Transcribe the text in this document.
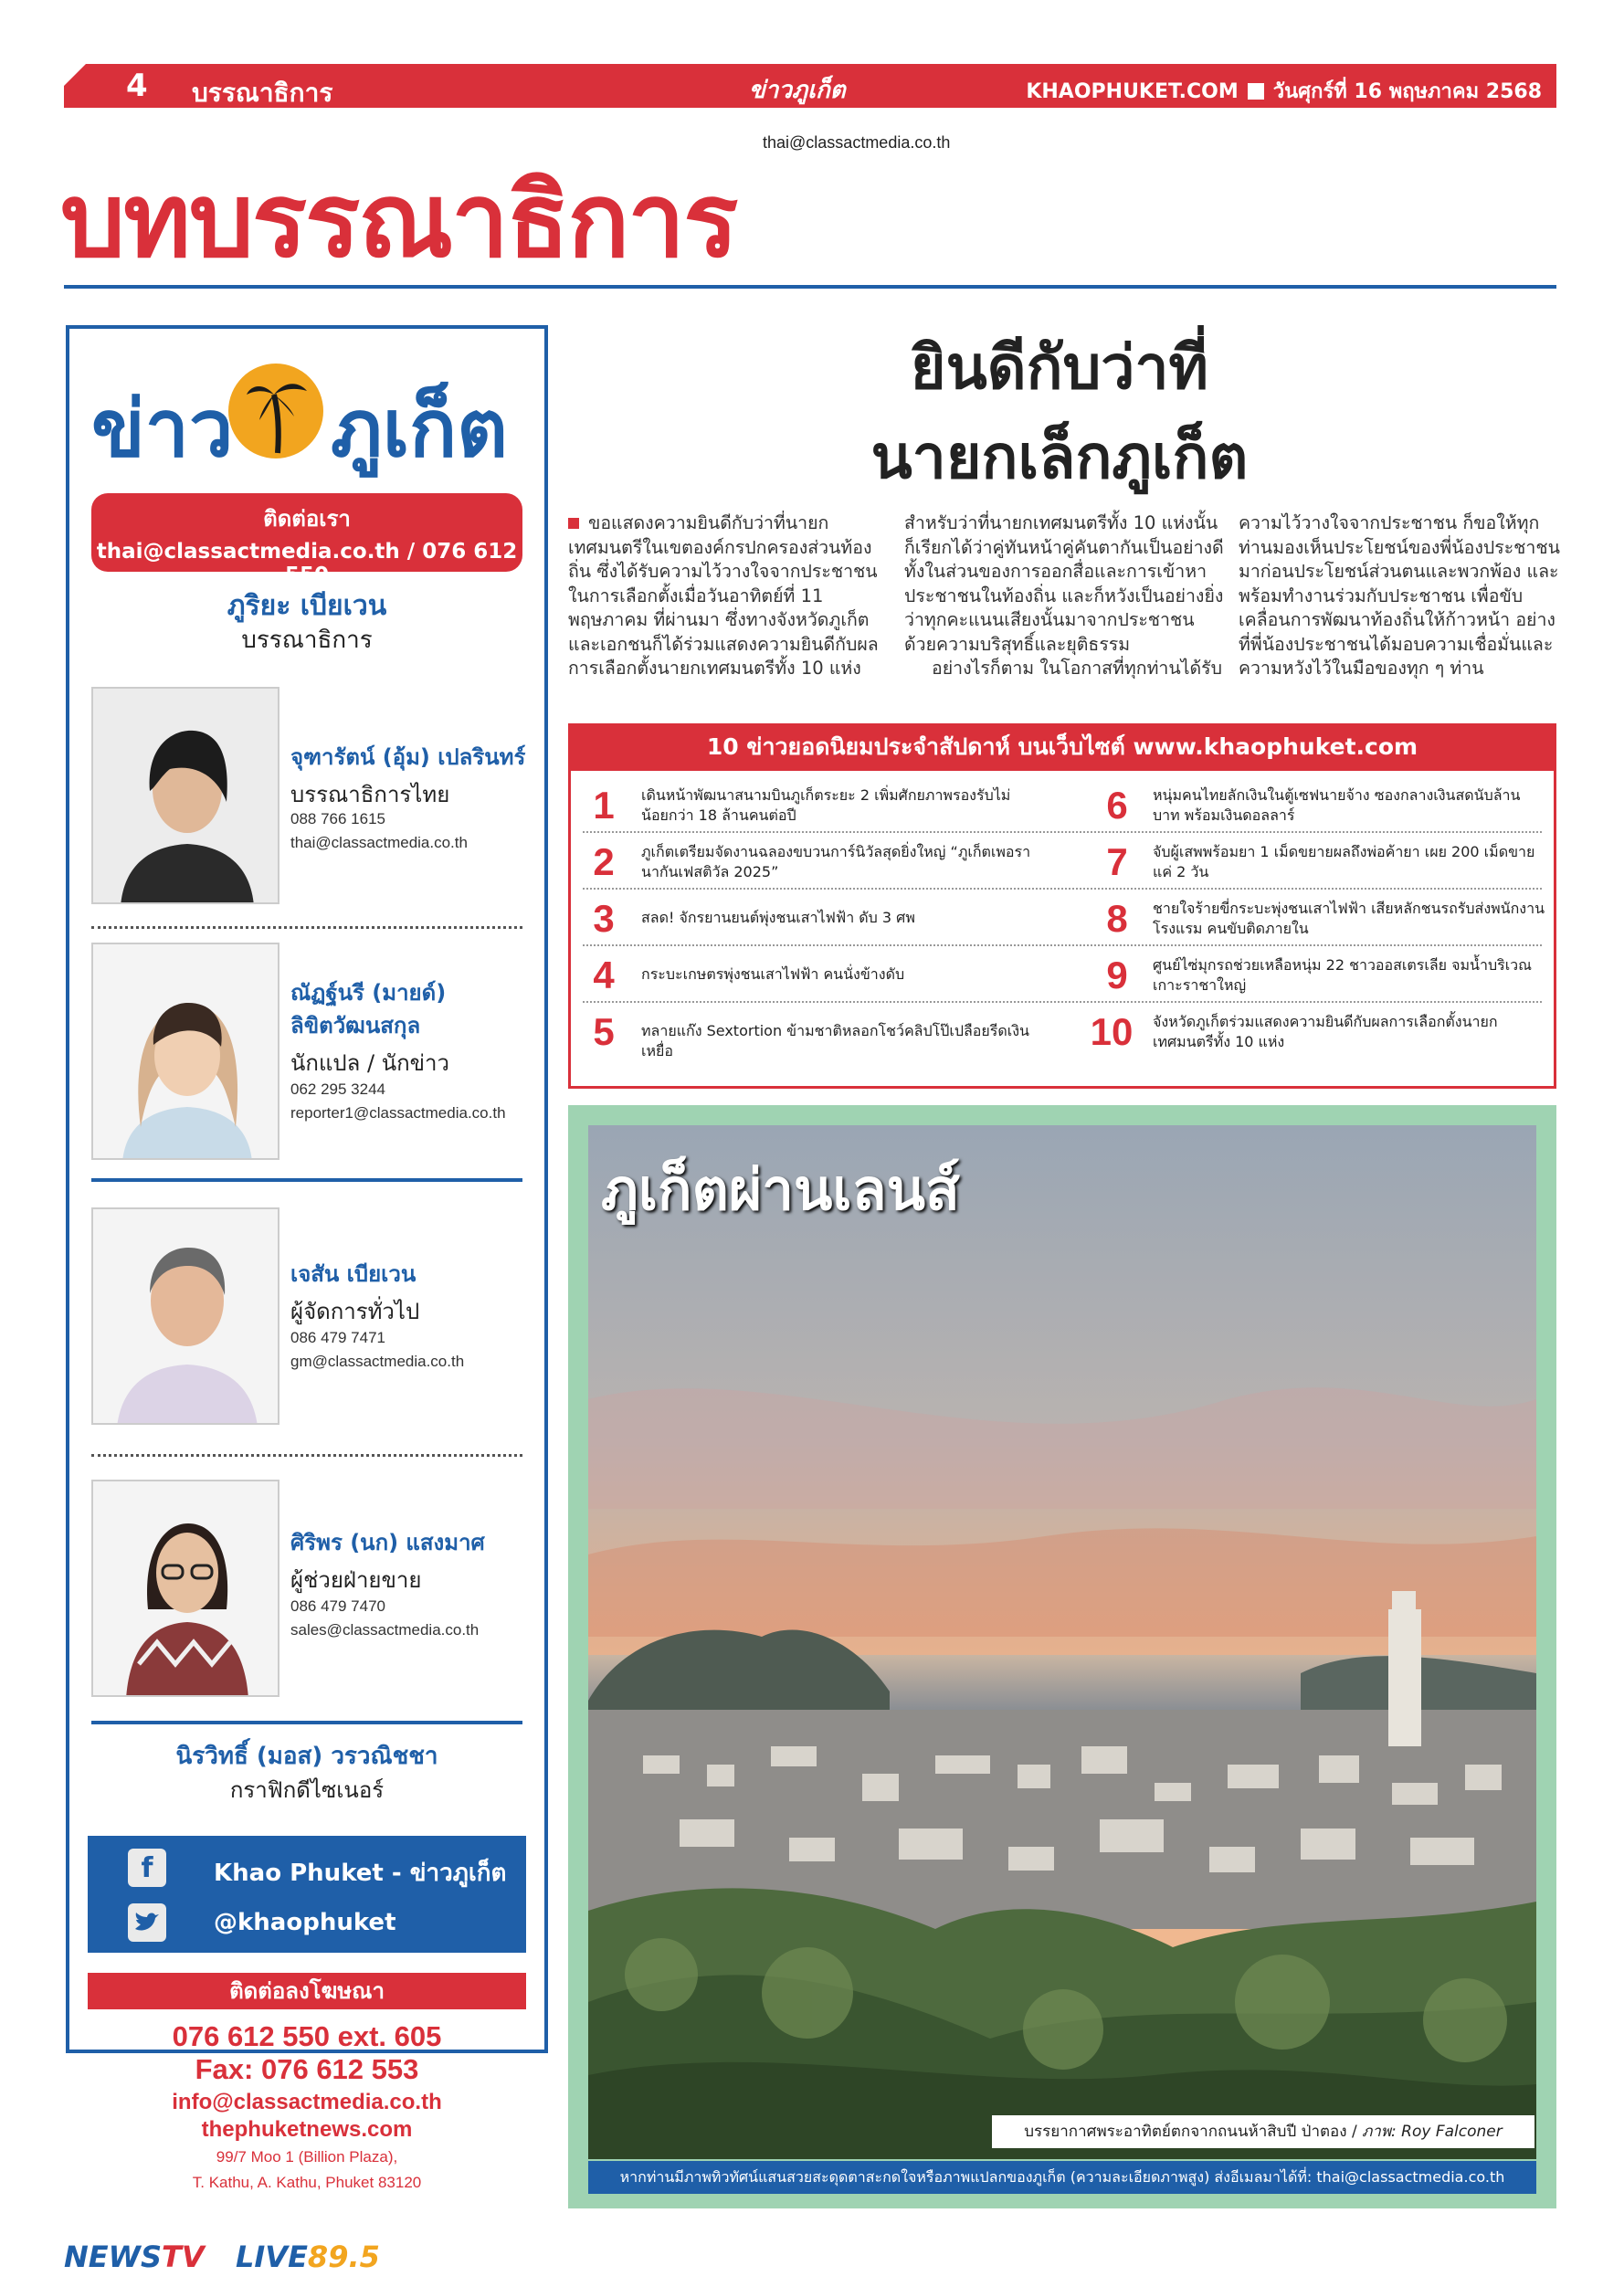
4	บรรณาธิการ	ข่าวภูเก็ต	KHAOPHUKET.COM วันศุกร์ที่ 16 พฤษภาคม 2568
thai@classactmedia.co.th
บทบรรณาธิการ
ข่าว ภูเก็ต
ติดต่อเรา
thai@classactmedia.co.th / 076 612 550
ภูริยะ เบียเวน
บรรณาธิการ
จุฑารัตน์ (อุ้ม) เปลรินทร์
บรรณาธิการไทย
088 766 1615
thai@classactmedia.co.th
ณัฏฐ์นรี (มายด์)
ลิขิตวัฒนสกุล
นักแปล / นักข่าว
062 295 3244
reporter1@classactmedia.co.th
เจสัน เบียเวน
ผู้จัดการทั่วไป
086 479 7471
gm@classactmedia.co.th
ศิริพร (นก) แสงมาศ
ผู้ช่วยฝ่ายขาย
086 479 7470
sales@classactmedia.co.th
นิรวิทธิ์ (มอส) วรวณิชชา
กราฟิกดีไซเนอร์
f	Khao Phuket - ข่าวภูเก็ต
@khaophuket
ติดต่อลงโฆษณา
076 612 550 ext. 605
Fax: 076 612 553
info@classactmedia.co.th
thephuketnews.com
99/7 Moo 1 (Billion Plaza),
T. Kathu, A. Kathu, Phuket 83120
NEWSTV LIVE89.5
ยินดีกับว่าที่
นายกเล็กภูเก็ต
ขอแสดงความยินดีกับว่าที่นายกเทศมนตรีในเขตองค์กรปกครองส่วนท้องถิ่น ซึ่งได้รับความไว้วางใจจากประชาชนในการเลือกตั้งเมื่อวันอาทิตย์ที่ 11 พฤษภาคม ที่ผ่านมา ซึ่งทางจังหวัดภูเก็ตและเอกชนก็ได้ร่วมแสดงความยินดีกับผลการเลือกตั้งนายกเทศมนตรีทั้ง 10 แห่ง
สำหรับว่าที่นายกเทศมนตรีทั้ง 10 แห่งนั้นก็เรียกได้ว่าคู่ทันหน้าคู่คันตากันเป็นอย่างดี ทั้งในส่วนของการออกสื่อและการเข้าหาประชาชนในท้องถิ่น และก็หวังเป็นอย่างยิ่งว่าทุกคะแนนเสียงนั้นมาจากประชาชนด้วยความบริสุทธิ์และยุติธรรม
อย่างไรก็ตาม ในโอกาสที่ทุกท่านได้รับ
ความไว้วางใจจากประชาชน ก็ขอให้ทุกท่านมองเห็นประโยชน์ของพี่น้องประชาชนมาก่อนประโยชน์ส่วนตนและพวกพ้อง และพร้อมทำงานร่วมกับประชาชน เพื่อขับเคลื่อนการพัฒนาท้องถิ่นให้ก้าวหน้า อย่างที่พี่น้องประชาชนได้มอบความเชื่อมั่นและความหวังไว้ในมือของทุก ๆ ท่าน
10 ข่าวยอดนิยมประจำสัปดาห์ บนเว็บไซต์ www.khaophuket.com
1	เดินหน้าพัฒนาสนามบินภูเก็ตระยะ 2 เพิ่มศักยภาพรองรับไม่น้อยกว่า 18 ล้านคนต่อปี
2	ภูเก็ตเตรียมจัดงานฉลองขบวนการ์นิวัลสุดยิ่งใหญ่ “ภูเก็ตเพอรานากันเฟสติวัล 2025”
3	สลด! จักรยานยนต์พุ่งชนเสาไฟฟ้า ดับ 3 ศพ
4	กระบะเกษตรพุ่งชนเสาไฟฟ้า คนนั่งข้างดับ
5	ทลายแก๊ง Sextortion ข้ามชาติหลอกโชว์คลิปโป๊เปลือยรีดเงินเหยื่อ
6	หนุ่มคนไทยลักเงินในตู้เซฟนายจ้าง ซองกลางเงินสดนับล้านบาท พร้อมเงินดอลลาร์
7	จับผู้เสพพร้อมยา 1 เม็ดขยายผลถึงพ่อค้ายา เผย 200 เม็ดขายแค่ 2 วัน
8	ชายใจร้ายขี่กระบะพุ่งชนเสาไฟฟ้า เสียหลักชนรถรับส่งพนักงานโรงแรม คนขับติดภายใน
9	ศูนย์ไซ่มุกรถช่วยเหลือหนุ่ม 22 ชาวออสเตรเลีย จมน้ำบริเวณเกาะราชาใหญ่
10 จังหวัดภูเก็ตร่วมแสดงความยินดีกับผลการเลือกตั้งนายกเทศมนตรีทั้ง 10 แห่ง
ภูเก็ตผ่านเลนส์
บรรยากาศพระอาทิตย์ตกจากถนนห้าสิบปี ป่าตอง / ภาพ: Roy Falconer
หากท่านมีภาพทิวทัศน์แสนสวยสะดุดตาสะกดใจหรือภาพแปลกของภูเก็ต (ความละเอียดภาพสูง) ส่งอีเมลมาได้ที่: thai@classactmedia.co.th
